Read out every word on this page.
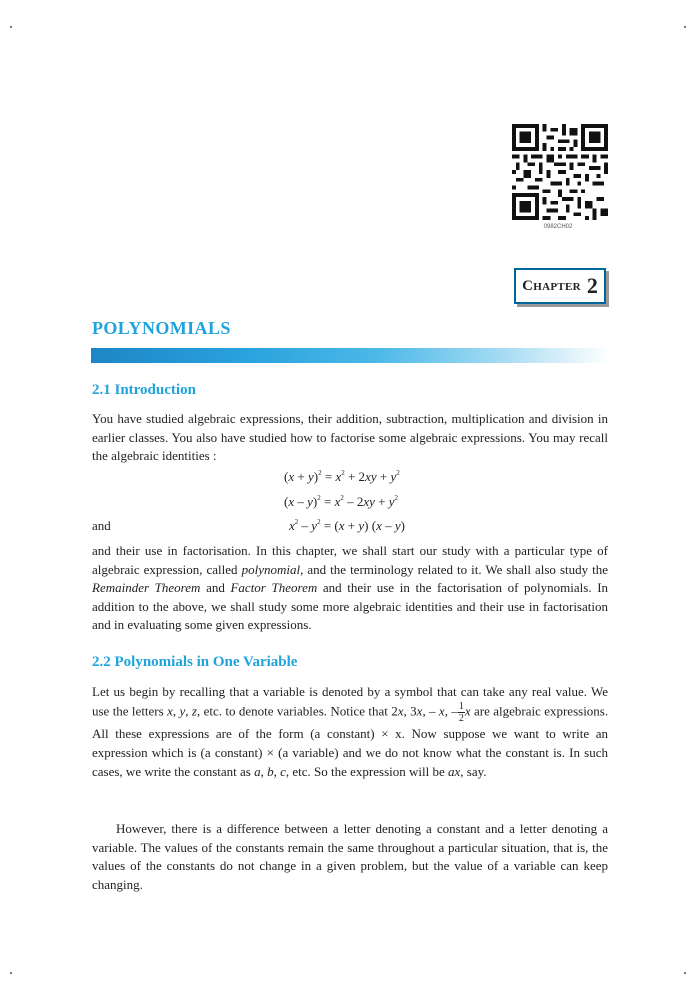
0982CH02
Chapter 2
POLYNOMIALS
2.1 Introduction

You have studied algebraic expressions, their addition, subtraction, multiplication and division in earlier classes. You also have studied how to factorise some algebraic expressions. You may recall the algebraic identities :

$(x + y)^2 = x^2 + 2xy + y^2$
$(x - y)^2 = x^2 - 2xy + y^2$
and	$x^2 - y^2 = (x + y)$ (x – y)

and their use in factorisation. In this chapter, we shall start our study with a particular type of algebraic expression, called polynomial, and the terminology related to it. We shall also study the Remainder Theorem and Factor Theorem and their use in the factorisation of polynomials. In addition to the above, we shall study some more algebraic identities and their use in factorisation and in evaluating some given expressions.

2.2 Polynomials in One Variable

Let us begin by recalling that a variable is denoted by a symbol that can take any real value. We use the letters x, y, z, etc. to denote variables. Notice that 2x, 3x, – x, – $\frac{1}{2}$ x are algebraic expressions. All these expressions are of the form (a constant) × x. Now suppose we want to write an expression which is (a constant) × (a variable) and we do not know what the constant is. In such cases, we write the constant as a, b, c, etc. So the expression will be ax, say.

However, there is a difference between a letter denoting a constant and a letter denoting a variable. The values of the constants remain the same throughout a particular situation, that is, the values of the constants do not change in a given problem, but the value of a variable can keep changing.
